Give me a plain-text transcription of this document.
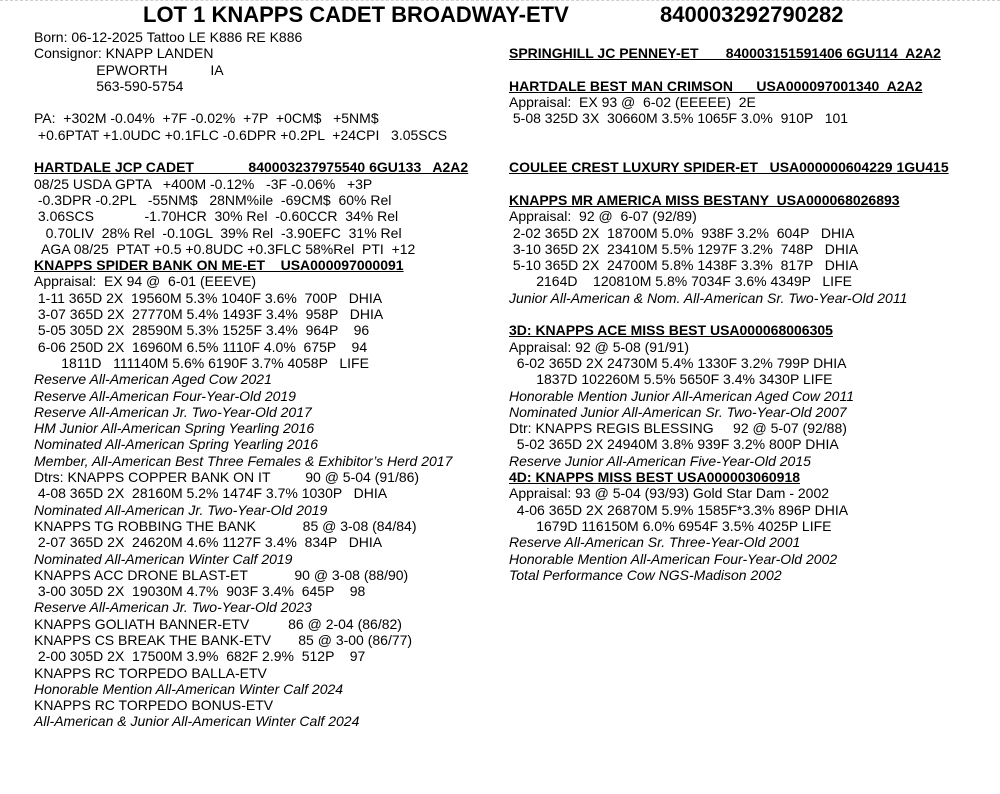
LOT 1 KNAPPS CADET BROADWAY-ETV	840003292790282
Born: 06-12-2025 Tattoo LE K886 RE K886
Consignor: KNAPP LANDEN
EPWORTH           IA
563-590-5754
PA:  +302M -0.04%  +7F -0.02%  +7P  +0CM$   +5NM$
+0.6PTAT +1.0UDC +0.1FLC -0.6DPR +0.2PL  +24CPI   3.05SCS
HARTDALE JCP CADET              840003237975540 6GU133   A2A2
08/25 USDA GPTA   +400M -0.12%   -3F -0.06%   +3P
-0.3DPR -0.2PL   -55NM$   28NM%ile  -69CM$  60% Rel
3.06SCS             -1.70HCR  30% Rel  -0.60CCR  34% Rel
0.70LIV  28% Rel  -0.10GL  39% Rel  -3.90EFC  31% Rel
AGA 08/25  PTAT +0.5 +0.8UDC +0.3FLC 58%Rel  PTI  +12
KNAPPS SPIDER BANK ON ME-ET    USA000097000091
Appraisal:  EX 94 @  6-01 (EEEVE)
1-11 365D 2X  19560M 5.3% 1040F 3.6%  700P   DHIA
3-07 365D 2X  27770M 5.4% 1493F 3.4%  958P   DHIA
5-05 305D 2X  28590M 5.3% 1525F 3.4%  964P    96
6-06 250D 2X  16960M 6.5% 1110F 4.0%  675P    94
1811D   111140M 5.6% 6190F 3.7% 4058P   LIFE
Reserve All-American Aged Cow 2021
Reserve All-American Four-Year-Old 2019
Reserve All-American Jr. Two-Year-Old 2017
HM Junior All-American Spring Yearling 2016
Nominated All-American Spring Yearling 2016
Member, All-American Best Three Females & Exhibitor’s Herd 2017
Dtrs: KNAPPS COPPER BANK ON IT         90 @ 5-04 (91/86)
4-08 365D 2X  28160M 5.2% 1474F 3.7% 1030P   DHIA
Nominated All-American Jr. Two-Year-Old 2019
KNAPPS TG ROBBING THE BANK            85 @ 3-08 (84/84)
2-07 365D 2X  24620M 4.6% 1127F 3.4%  834P   DHIA
Nominated All-American Winter Calf 2019
KNAPPS ACC DRONE BLAST-ET            90 @ 3-08 (88/90)
3-00 305D 2X  19030M 4.7%  903F 3.4%  645P    98
Reserve All-American Jr. Two-Year-Old 2023
KNAPPS GOLIATH BANNER-ETV          86 @ 2-04 (86/82)
KNAPPS CS BREAK THE BANK-ETV       85 @ 3-00 (86/77)
2-00 305D 2X  17500M 3.9%  682F 2.9%  512P    97
KNAPPS RC TORPEDO BALLA-ETV
Honorable Mention All-American Winter Calf 2024
KNAPPS RC TORPEDO BONUS-ETV
All-American & Junior All-American Winter Calf 2024
SPRINGHILL JC PENNEY-ET       840003151591406 6GU114  A2A2
HARTDALE BEST MAN CRIMSON      USA000097001340  A2A2
Appraisal:  EX 93 @  6-02 (EEEEE)  2E
5-08 325D 3X  30660M 3.5% 1065F 3.0%  910P   101
COULEE CREST LUXURY SPIDER-ET   USA000000604229 1GU415
KNAPPS MR AMERICA MISS BESTANY  USA000068026893
Appraisal:  92 @  6-07 (92/89)
2-02 365D 2X  18700M 5.0%  938F 3.2%  604P   DHIA
3-10 365D 2X  23410M 5.5% 1297F 3.2%  748P   DHIA
5-10 365D 2X  24700M 5.8% 1438F 3.3%  817P   DHIA
2164D    120810M 5.8% 7034F 3.6% 4349P   LIFE
Junior All-American & Nom. All-American Sr. Two-Year-Old 2011
3D: KNAPPS ACE MISS BEST USA000068006305
Appraisal: 92 @ 5-08 (91/91)
6-02 365D 2X 24730M 5.4% 1330F 3.2% 799P DHIA
1837D 102260M 5.5% 5650F 3.4% 3430P LIFE
Honorable Mention Junior All-American Aged Cow 2011
Nominated Junior All-American Sr. Two-Year-Old 2007
Dtr: KNAPPS REGIS BLESSING     92 @ 5-07 (92/88)
5-02 365D 2X 24940M 3.8% 939F 3.2% 800P DHIA
Reserve Junior All-American Five-Year-Old 2015
4D: KNAPPS MISS BEST USA000003060918
Appraisal: 93 @ 5-04 (93/93) Gold Star Dam - 2002
4-06 365D 2X 26870M 5.9% 1585F*3.3% 896P DHIA
1679D 116150M 6.0% 6954F 3.5% 4025P LIFE
Reserve All-American Sr. Three-Year-Old 2001
Honorable Mention All-American Four-Year-Old 2002
Total Performance Cow NGS-Madison 2002
